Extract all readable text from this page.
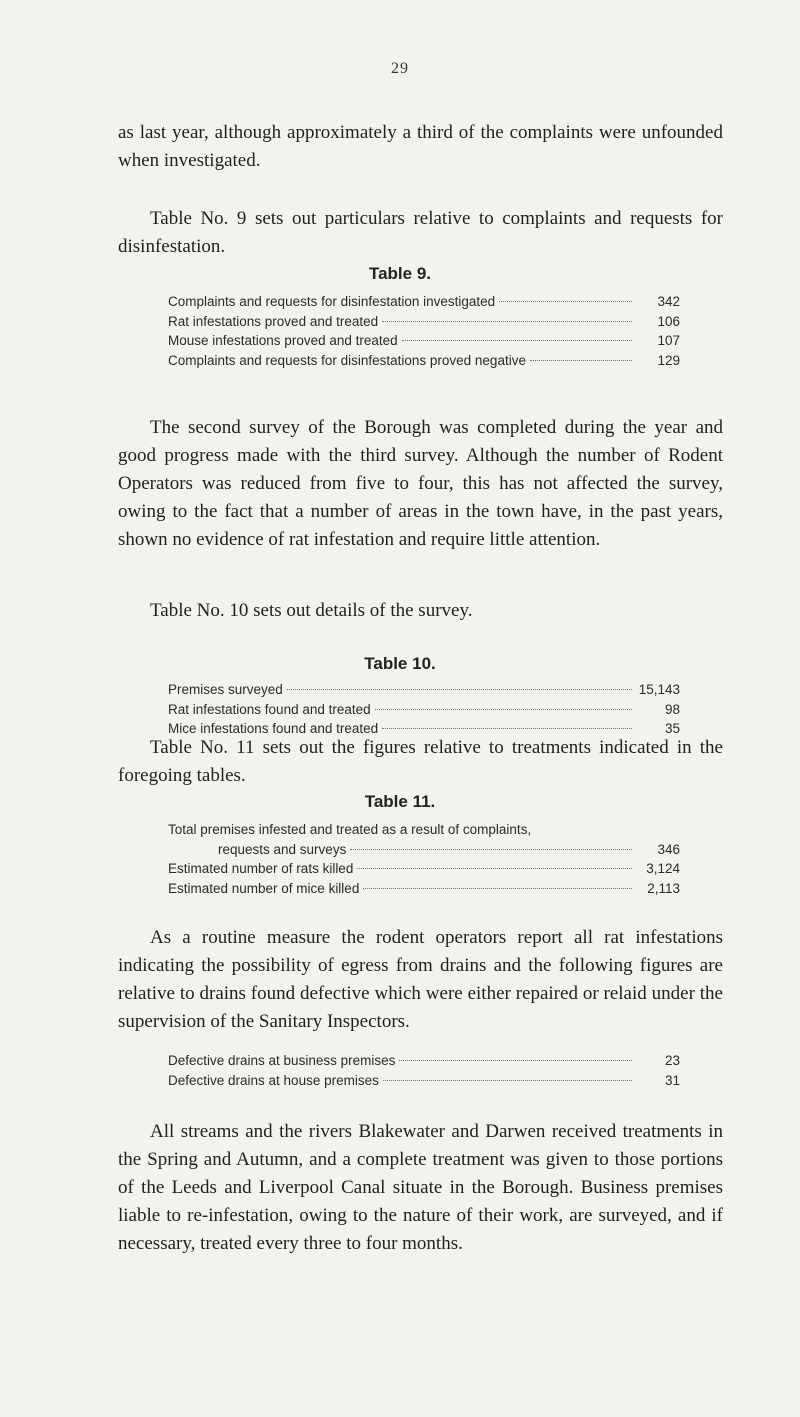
29

as last year, although approximately a third of the complaints were unfounded when investigated.

Table No. 9 sets out particulars relative to complaints and requests for disinfestation.

Table 9.
Complaints and requests for disinfestation investigated	342
Rat infestations proved and treated	106
Mouse infestations proved and treated	107
Complaints and requests for disinfestations proved negative	129

The second survey of the Borough was completed during the year and good progress made with the third survey. Although the number of Rodent Operators was reduced from five to four, this has not affected the survey, owing to the fact that a number of areas in the town have, in the past years, shown no evidence of rat infestation and require little attention.

Table No. 10 sets out details of the survey.

Table 10.
Premises surveyed	15,143
Rat infestations found and treated	98
Mice infestations found and treated	35

Table No. 11 sets out the figures relative to treatments indicated in the foregoing tables.

Table 11.
Total premises infested and treated as a result of complaints,
requests and surveys	346
Estimated number of rats killed	3,124
Estimated number of mice killed	2,113

As a routine measure the rodent operators report all rat infestations indicating the possibility of egress from drains and the following figures are relative to drains found defective which were either repaired or relaid under the supervision of the Sanitary Inspectors.

Defective drains at business premises	23
Defective drains at house premises	31

All streams and the rivers Blakewater and Darwen received treatments in the Spring and Autumn, and a complete treatment was given to those portions of the Leeds and Liverpool Canal situate in the Borough. Business premises liable to re-infestation, owing to the nature of their work, are surveyed, and if necessary, treated every three to four months.
